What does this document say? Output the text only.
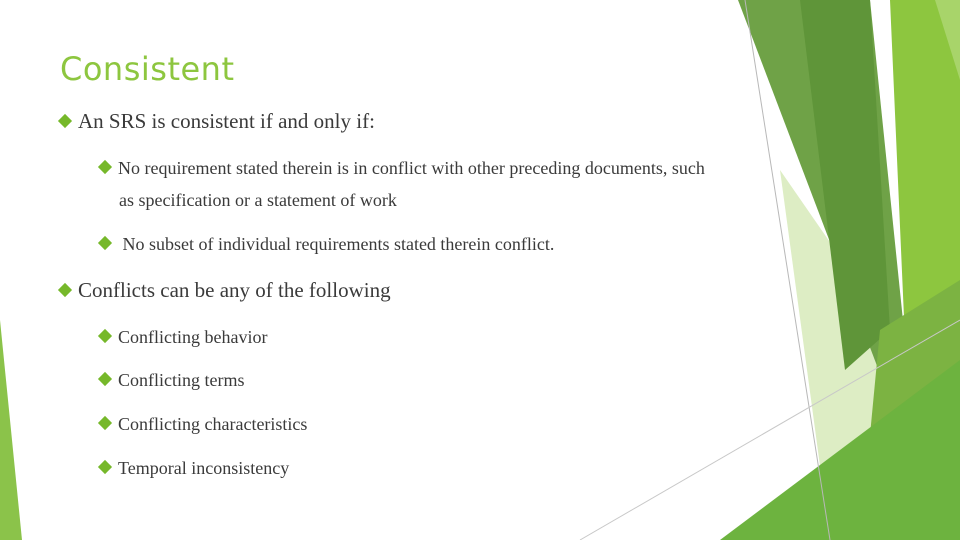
Consistent
An SRS is consistent if and only if:
No requirement stated therein is in conflict with other preceding documents, such
as specification or a statement of work
No subset of individual requirements stated therein conflict.
Conflicts can be any of the following
Conflicting behavior
Conflicting terms
Conflicting characteristics
Temporal inconsistency
